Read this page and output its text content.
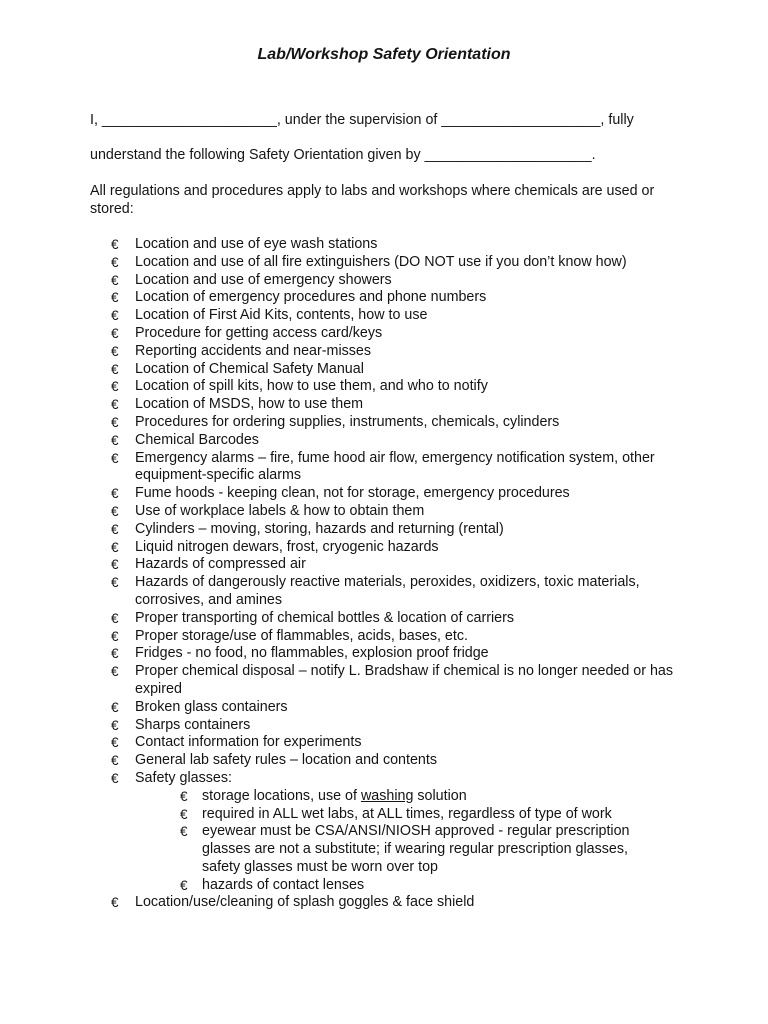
Lab/Workshop Safety Orientation
I, ______________________, under the supervision of ____________________, fully
understand the following Safety Orientation given by _____________________.
All regulations and procedures apply to labs and workshops where chemicals are used or stored:
€ Location and use of eye wash stations
€ Location and use of all fire extinguishers (DO NOT use if you don’t know how)
€ Location and use of emergency showers
€ Location of emergency procedures and phone numbers
€ Location of First Aid Kits, contents, how to use
€ Procedure for getting access card/keys
€ Reporting accidents and near-misses
€ Location of Chemical Safety Manual
€ Location of spill kits, how to use them, and who to notify
€ Location of MSDS, how to use them
€ Procedures for ordering supplies, instruments, chemicals, cylinders
€ Chemical Barcodes
€ Emergency alarms – fire, fume hood air flow, emergency notification system, other equipment-specific alarms
€ Fume hoods - keeping clean, not for storage, emergency procedures
€ Use of workplace labels & how to obtain them
€ Cylinders – moving, storing, hazards and returning (rental)
€ Liquid nitrogen dewars, frost, cryogenic hazards
€ Hazards of compressed air
€ Hazards of dangerously reactive materials, peroxides, oxidizers, toxic materials, corrosives, and amines
€ Proper transporting of chemical bottles & location of carriers
€ Proper storage/use of flammables, acids, bases, etc.
€ Fridges - no food, no flammables, explosion proof fridge
€ Proper chemical disposal – notify L. Bradshaw if chemical is no longer needed or has expired
€ Broken glass containers
€ Sharps containers
€ Contact information for experiments
€ General lab safety rules – location and contents
€ Safety glasses:
€ storage locations, use of washing solution
€ required in ALL wet labs, at ALL times, regardless of type of work
€ eyewear must be CSA/ANSI/NIOSH approved - regular prescription glasses are not a substitute; if wearing regular prescription glasses, safety glasses must be worn over top
€ hazards of contact lenses
€ Location/use/cleaning of splash goggles & face shield
